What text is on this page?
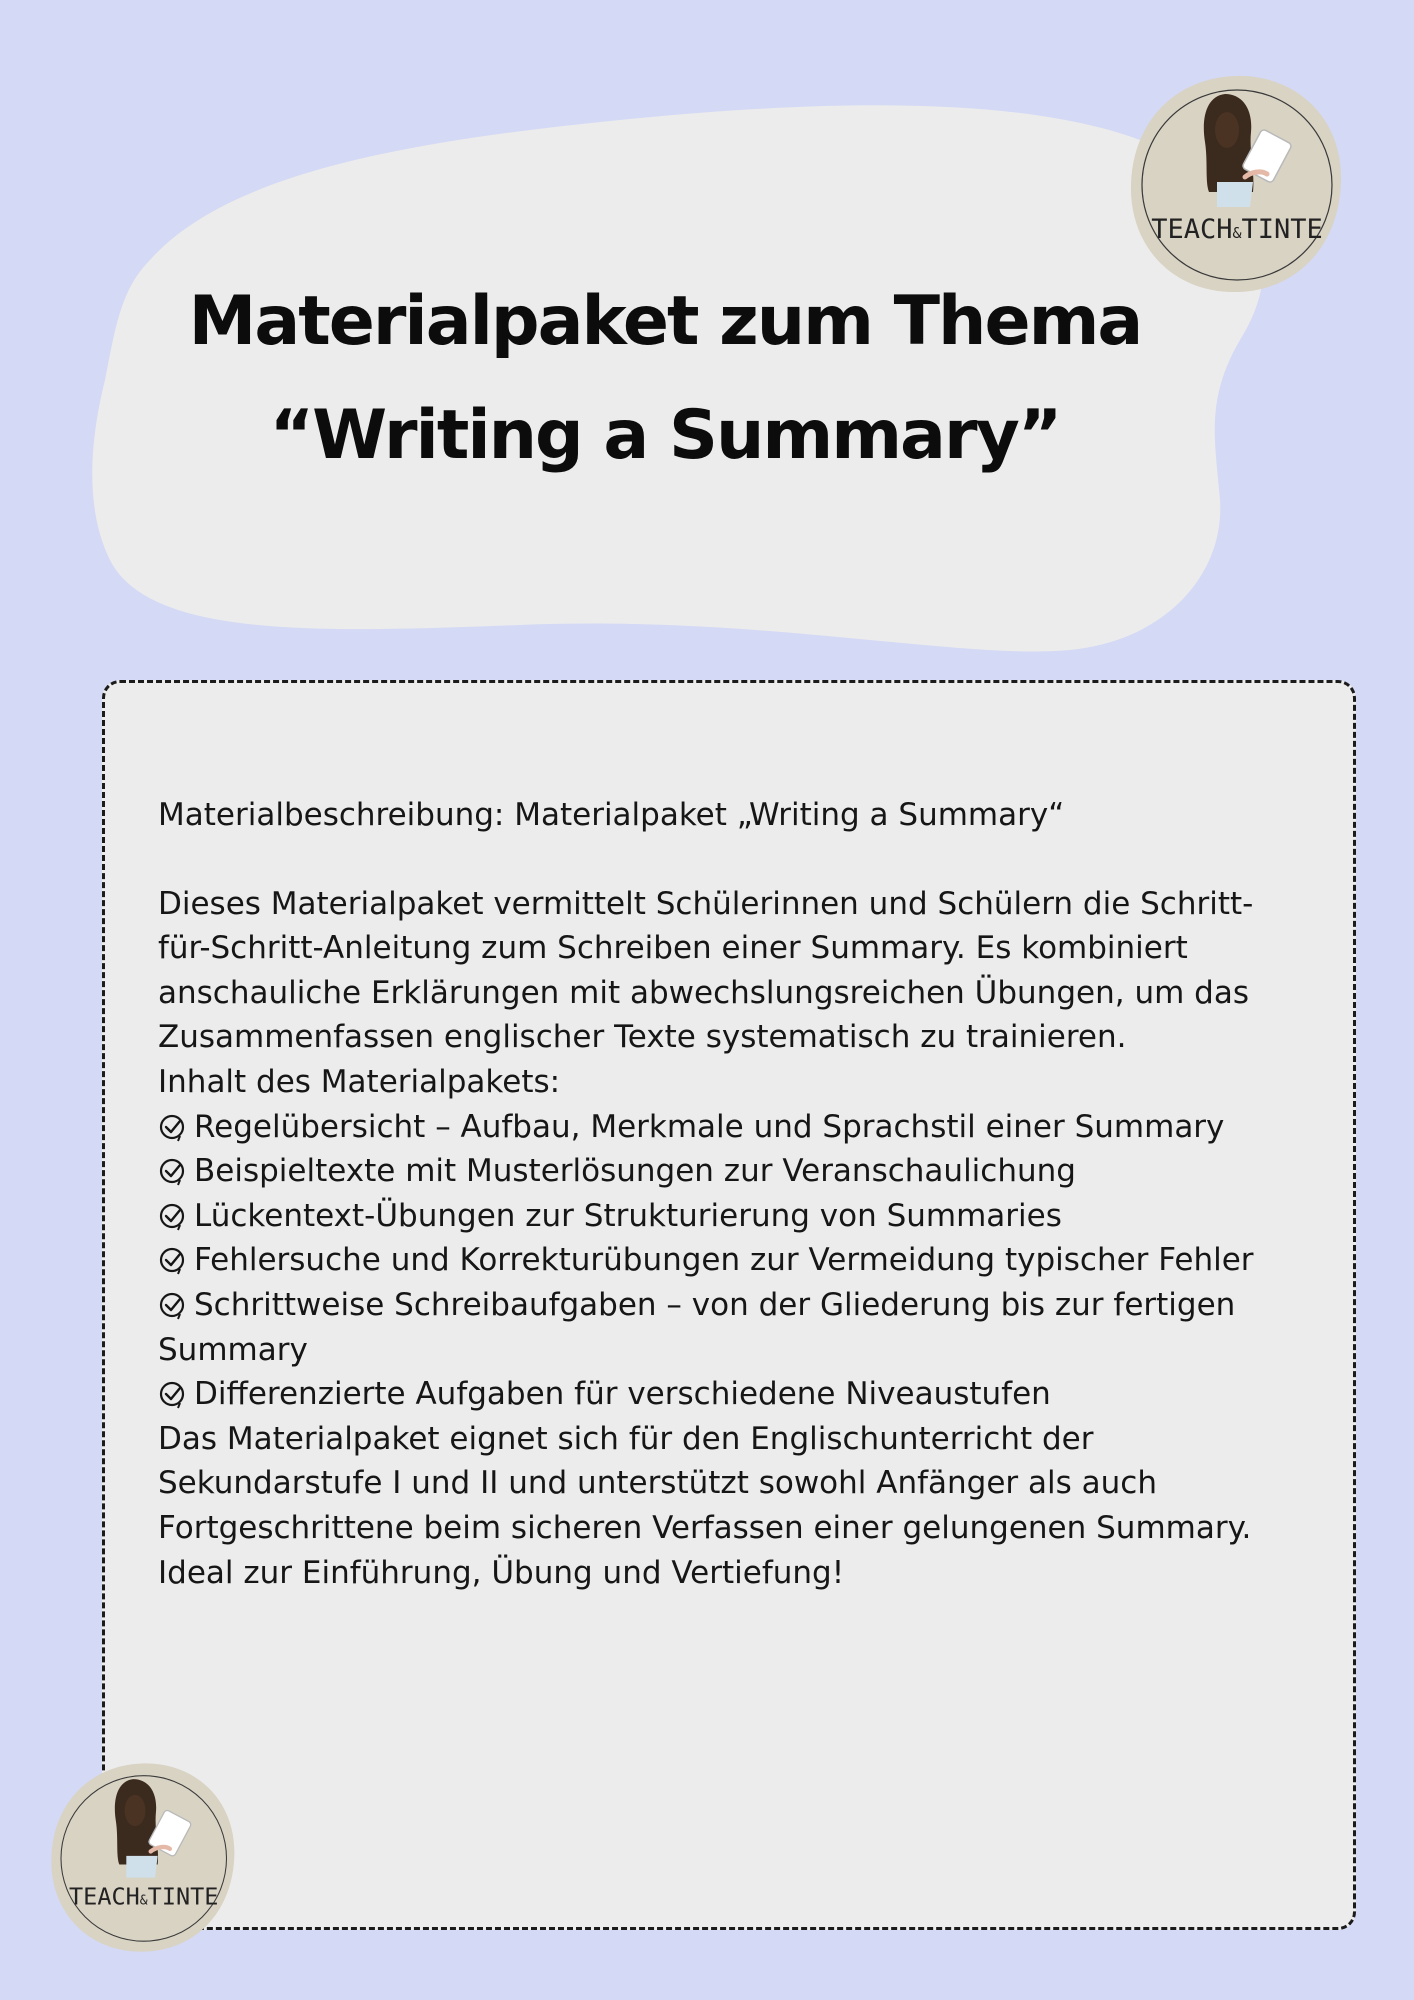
Materialpaket zum Thema
“Writing a Summary”
TEACH&TINTE

Materialbeschreibung: Materialpaket „Writing a Summary“

Dieses Materialpaket vermittelt Schülerinnen und Schülern die Schritt-für-Schritt-Anleitung zum Schreiben einer Summary. Es kombiniert anschauliche Erklärungen mit abwechslungsreichen Übungen, um das Zusammenfassen englischer Texte systematisch zu trainieren.

Inhalt des Materialpakets:

Regelübersicht – Aufbau, Merkmale und Sprachstil einer Summary
Beispieltexte mit Musterlösungen zur Veranschaulichung
Lückentext-Übungen zur Strukturierung von Summaries
Fehlersuche und Korrekturübungen zur Vermeidung typischer Fehler
Schrittweise Schreibaufgaben – von der Gliederung bis zur fertigen Summary
Differenzierte Aufgaben für verschiedene Niveaustufen

Das Materialpaket eignet sich für den Englischunterricht der Sekundarstufe I und II und unterstützt sowohl Anfänger als auch Fortgeschrittene beim sicheren Verfassen einer gelungenen Summary. Ideal zur Einführung, Übung und Vertiefung!

TEACH&TINTE
